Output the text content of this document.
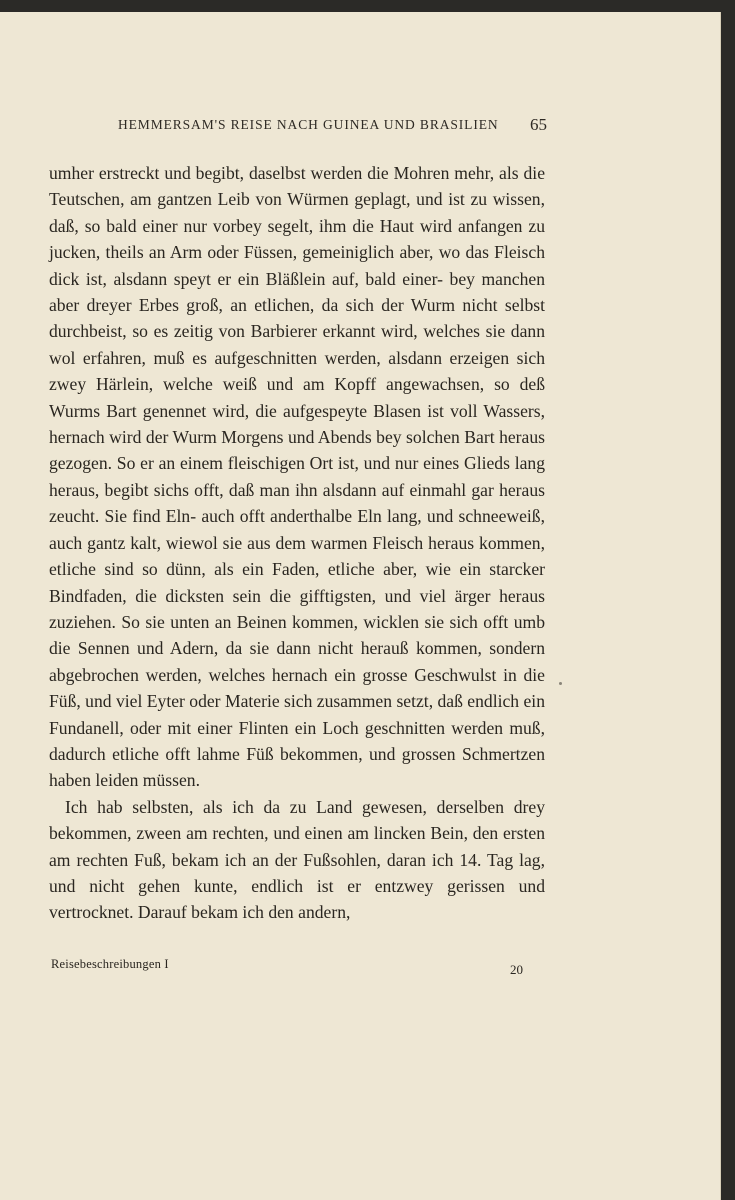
HEMMERSAM'S REISE NACH GUINEA UND BRASILIEN 65

umher erstreckt und begibt, daselbst werden die Mohren mehr, als die Teutschen, am gantzen Leib von Würmen geplagt, und ist zu wissen, daß, so bald einer nur vorbey segelt, ihm die Haut wird anfangen zu jucken, theils an Arm oder Füssen, gemeiniglich aber, wo das Fleisch dick ist, alsdann speyt er ein Bläßlein auf, bald einer- bey manchen aber dreyer Erbes groß, an etlichen, da sich der Wurm nicht selbst durchbeist, so es zeitig von Barbierer erkannt wird, welches sie dann wol erfahren, muß es aufgeschnitten werden, alsdann erzeigen sich zwey Härlein, welche weiß und am Kopff angewachsen, so deß Wurms Bart genennet wird, die aufgespeyte Blasen ist voll Wassers, hernach wird der Wurm Morgens und Abends bey solchen Bart heraus gezogen. So er an einem fleischigen Ort ist, und nur eines Glieds lang heraus, begibt sichs offt, daß man ihn alsdann auf einmahl gar heraus zeucht. Sie find Eln- auch offt anderthalbe Eln lang, und schneeweiß, auch gantz kalt, wiewol sie aus dem warmen Fleisch heraus kommen, etliche sind so dünn, als ein Faden, etliche aber, wie ein starcker Bindfaden, die dicksten sein die gifftigsten, und viel ärger heraus zuziehen. So sie unten an Beinen kommen, wicklen sie sich offt umb die Sennen und Adern, da sie dann nicht herauß kommen, sondern abgebrochen werden, welches hernach ein grosse Geschwulst in die Füß, und viel Eyter oder Materie sich zusammen setzt, daß endlich ein Fundanell, oder mit einer Flinten ein Loch geschnitten werden muß, dadurch etliche offt lahme Füß bekommen, und grossen Schmertzen haben leiden müssen.

Ich hab selbsten, als ich da zu Land gewesen, derselben drey bekommen, zween am rechten, und einen am lincken Bein, den ersten am rechten Fuß, bekam ich an der Fußsohlen, daran ich 14. Tag lag, und nicht gehen kunte, endlich ist er entzwey gerissen und vertrocknet. Darauf bekam ich den andern,

Reisebeschreibungen I	20
